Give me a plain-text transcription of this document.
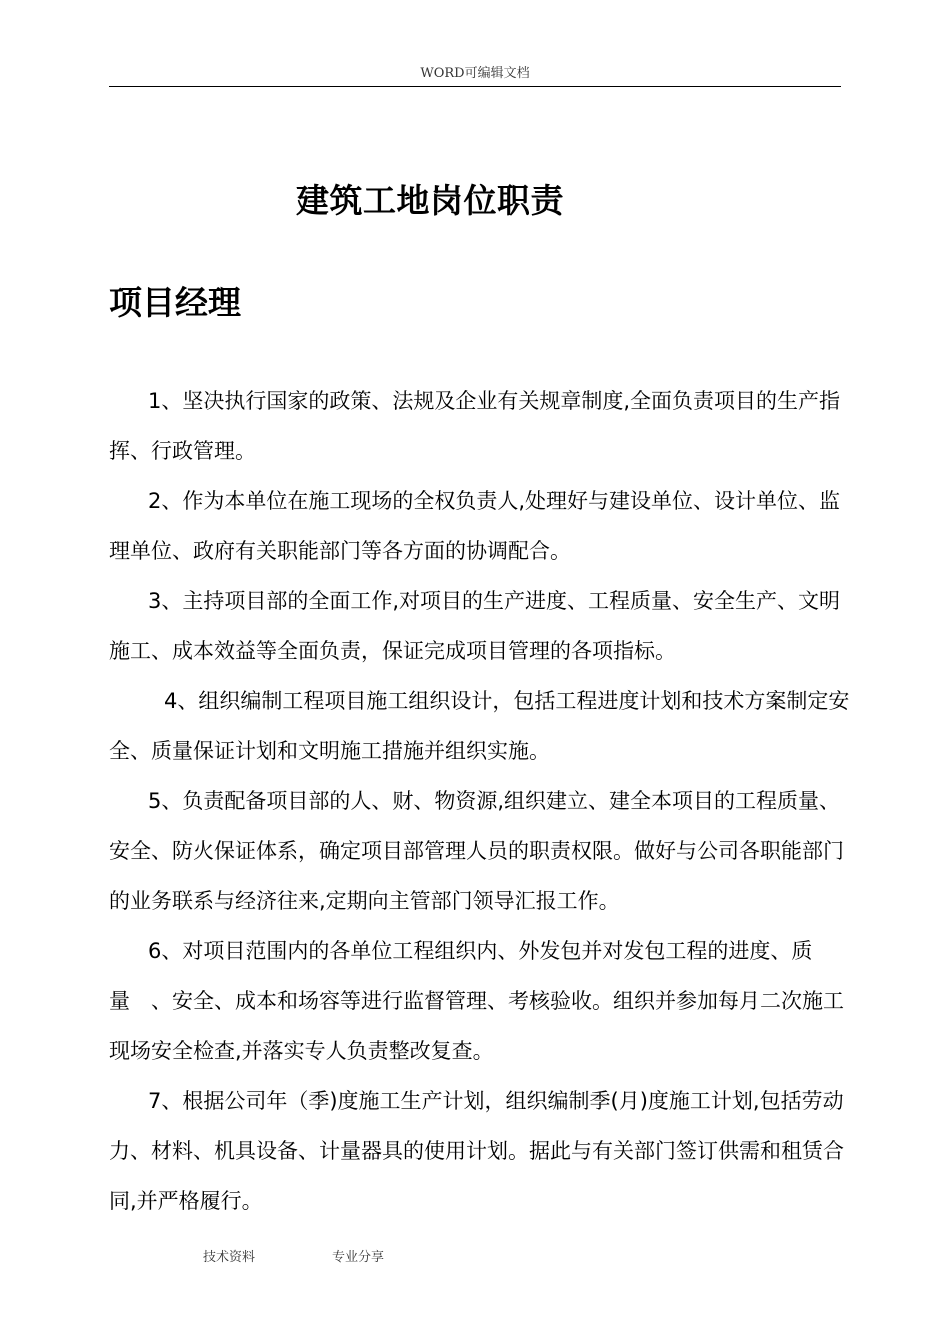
WORD可编辑文档
建筑工地岗位职责
项目经理

1、坚决执行国家的政策、法规及企业有关规章制度,全面负责项目的生产指挥、行政管理。

2、作为本单位在施工现场的全权负责人,处理好与建设单位、设计单位、监理单位、政府有关职能部门等各方面的协调配合。

3、主持项目部的全面工作,对项目的生产进度、工程质量、安全生产、文明施工、成本效益等全面负责，保证完成项目管理的各项指标。

4、组织编制工程项目施工组织设计，包括工程进度计划和技术方案制定安全、质量保证计划和文明施工措施并组织实施。

5、负责配备项目部的人、财、物资源,组织建立、建全本项目的工程质量、安全、防火保证体系，确定项目部管理人员的职责权限。做好与公司各职能部门的业务联系与经济往来,定期向主管部门领导汇报工作。

6、对项目范围内的各单位工程组织内、外发包并对发包工程的进度、质量　、安全、成本和场容等进行监督管理、考核验收。组织并参加每月二次施工现场安全检查,并落实专人负责整改复查。

7、根据公司年（季)度施工生产计划，组织编制季(月)度施工计划,包括劳动力、材料、机具设备、计量器具的使用计划。据此与有关部门签订供需和租赁合同,并严格履行。

技术资料	专业分享
